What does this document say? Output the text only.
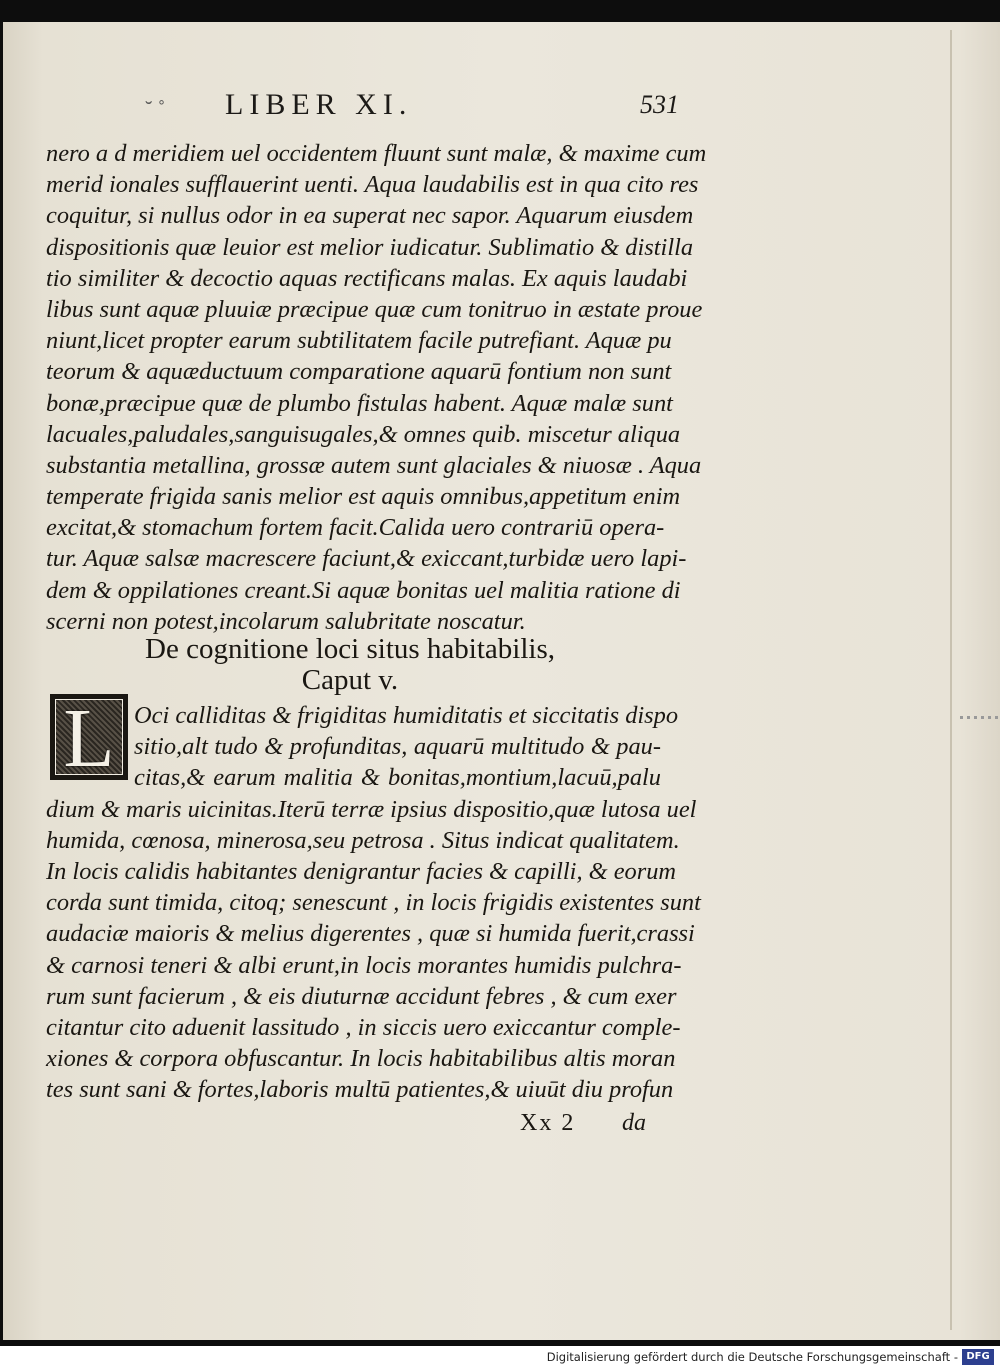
˘ ˚ LIBER XI.	531
nero a d meridiem uel occidentem fluunt sunt malæ, & maxime cum
merid ionales sufflauerint uenti. Aqua laudabilis est in qua cito res
coquitur, si nullus odor in ea superat nec sapor. Aquarum eiusdem
dispositionis quæ leuior est melior iudicatur. Sublimatio & distilla
tio similiter & decoctio aquas rectificans malas. Ex aquis laudabi
libus sunt aquæ pluuiæ præcipue quæ cum tonitruo in æstate proue
niunt,licet propter earum subtilitatem facile putrefiant. Aquæ pu
teorum & aquæductuum comparatione aquarū fontium non sunt
bonæ,præcipue quæ de plumbo fistulas habent. Aquæ malæ sunt
lacuales,paludales,sanguisugales,& omnes quib. miscetur aliqua
substantia metallina, grossæ autem sunt glaciales & niuosæ . Aqua
temperate frigida sanis melior est aquis omnibus,appetitum enim
excitat,& stomachum fortem facit.Calida uero contrariū opera-
tur. Aquæ salsæ macrescere faciunt,& exiccant,turbidæ uero lapi-
dem & oppilationes creant.Si aquæ bonitas uel malitia ratione di
scerni non potest,incolarum salubritate noscatur.
De cognitione loci situs habitabilis,
Caput v.
L Oci calliditas & frigiditas humiditatis et siccitatis dispo
sitio,alt tudo & profunditas, aquarū multitudo & pau-
citas,& earum malitia & bonitas,montium,lacuū,palu
dium & maris uicinitas.Iterū terræ ipsius dispositio,quæ lutosa uel
humida, cœnosa, minerosa,seu petrosa . Situs indicat qualitatem.
In locis calidis habitantes denigrantur facies & capilli, & eorum
corda sunt timida, citoq; senescunt , in locis frigidis existentes sunt
audaciæ maioris & melius digerentes , quæ si humida fuerit,crassi
& carnosi teneri & albi erunt,in locis morantes humidis pulchra-
rum sunt facierum , & eis diuturnæ accidunt febres , & cum exer
citantur cito aduenit lassitudo , in siccis uero exiccantur comple-
xiones & corpora obfuscantur. In locis habitabilibus altis moran
tes sunt sani & fortes,laboris multū patientes,& uiuūt diu profun
Xx 2 da
Digitalisierung gefördert durch die Deutsche Forschungsgemeinschaft - DFG
